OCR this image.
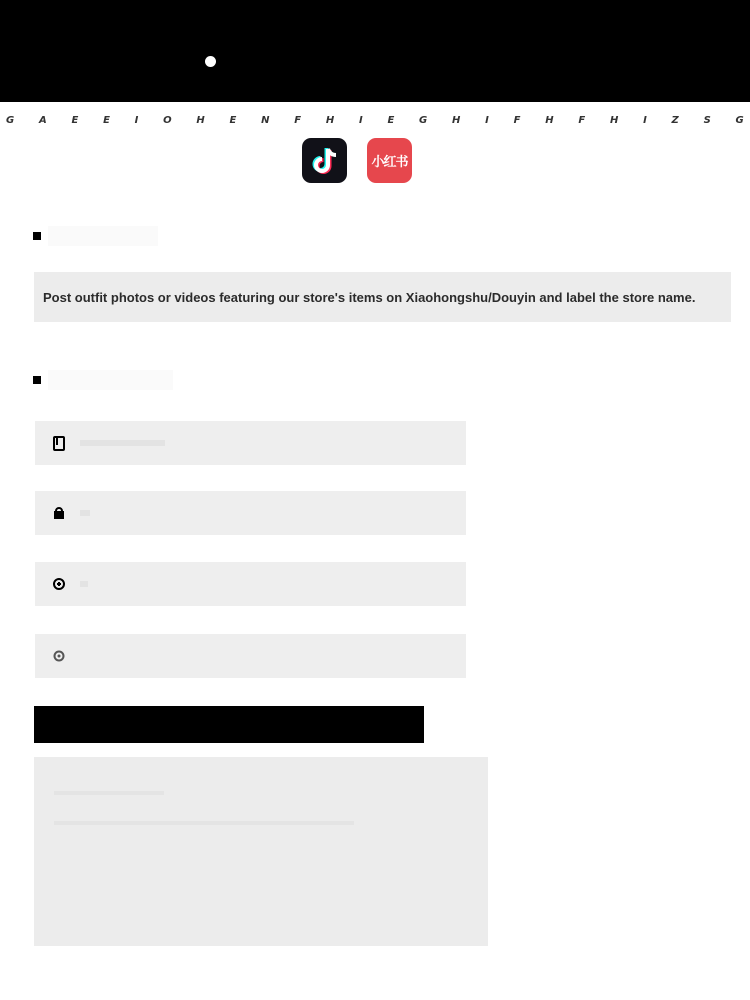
G A E E I O H E N F H I E G H I F H F H I Z S G
小红书
Post outfit photos or videos featuring our store's items on Xiaohongshu/Douyin and label the store name.
